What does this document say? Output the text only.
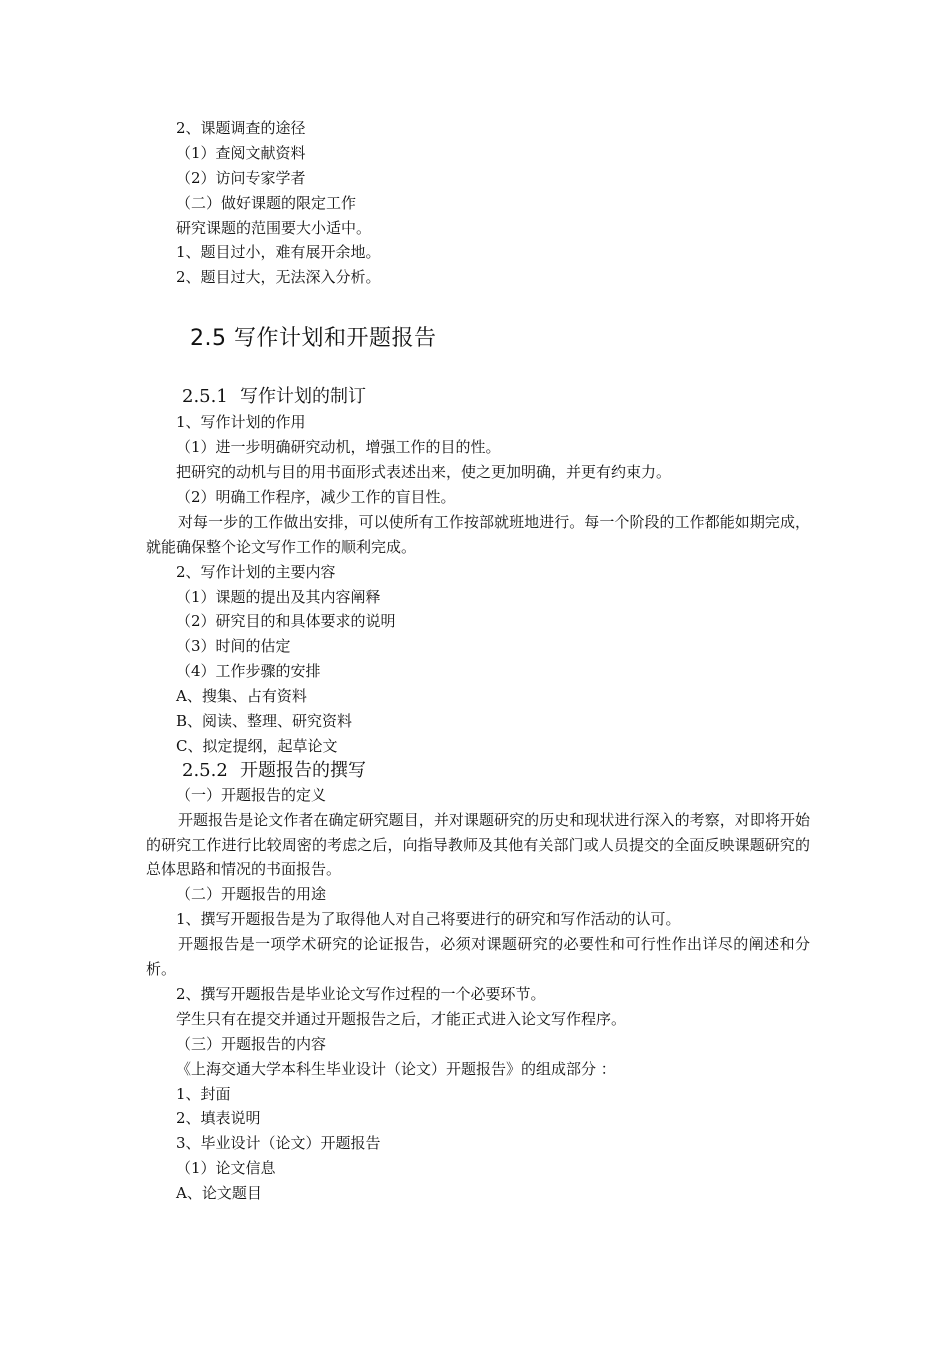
2、课题调查的途径
（1）查阅文献资料
（2）访问专家学者
（二）做好课题的限定工作
研究课题的范围要大小适中。
1、题目过小，难有展开余地。
2、题目过大，无法深入分析。
2.5 写作计划和开题报告
2.5.1 写作计划的制订
1、写作计划的作用
（1）进一步明确研究动机，增强工作的目的性。
把研究的动机与目的用书面形式表述出来，使之更加明确，并更有约束力。
（2）明确工作程序，减少工作的盲目性。

对每一步的工作做出安排，可以使所有工作按部就班地进行。每一个阶段的工作都能如期完成，就能确保整个论文写作工作的顺利完成。

2、写作计划的主要内容
（1）课题的提出及其内容阐释
（2）研究目的和具体要求的说明
（3）时间的估定
（4）工作步骤的安排
A、搜集、占有资料
B、阅读、整理、研究资料
C、拟定提纲，起草论文
2.5.2 开题报告的撰写
（一）开题报告的定义

开题报告是论文作者在确定研究题目，并对课题研究的历史和现状进行深入的考察，对即将开始的研究工作进行比较周密的考虑之后，向指导教师及其他有关部门或人员提交的全面反映课题研究的总体思路和情况的书面报告。

（二）开题报告的用途
1、撰写开题报告是为了取得他人对自己将要进行的研究和写作活动的认可。

开题报告是一项学术研究的论证报告，必须对课题研究的必要性和可行性作出详尽的阐述和分析。

2、撰写开题报告是毕业论文写作过程的一个必要环节。
学生只有在提交并通过开题报告之后，才能正式进入论文写作程序。
（三）开题报告的内容
《上海交通大学本科生毕业设计（论文）开题报告》的组成部分 ：
1、封面
2、填表说明
3、毕业设计（论文）开题报告
（1）论文信息
A、论文题目
